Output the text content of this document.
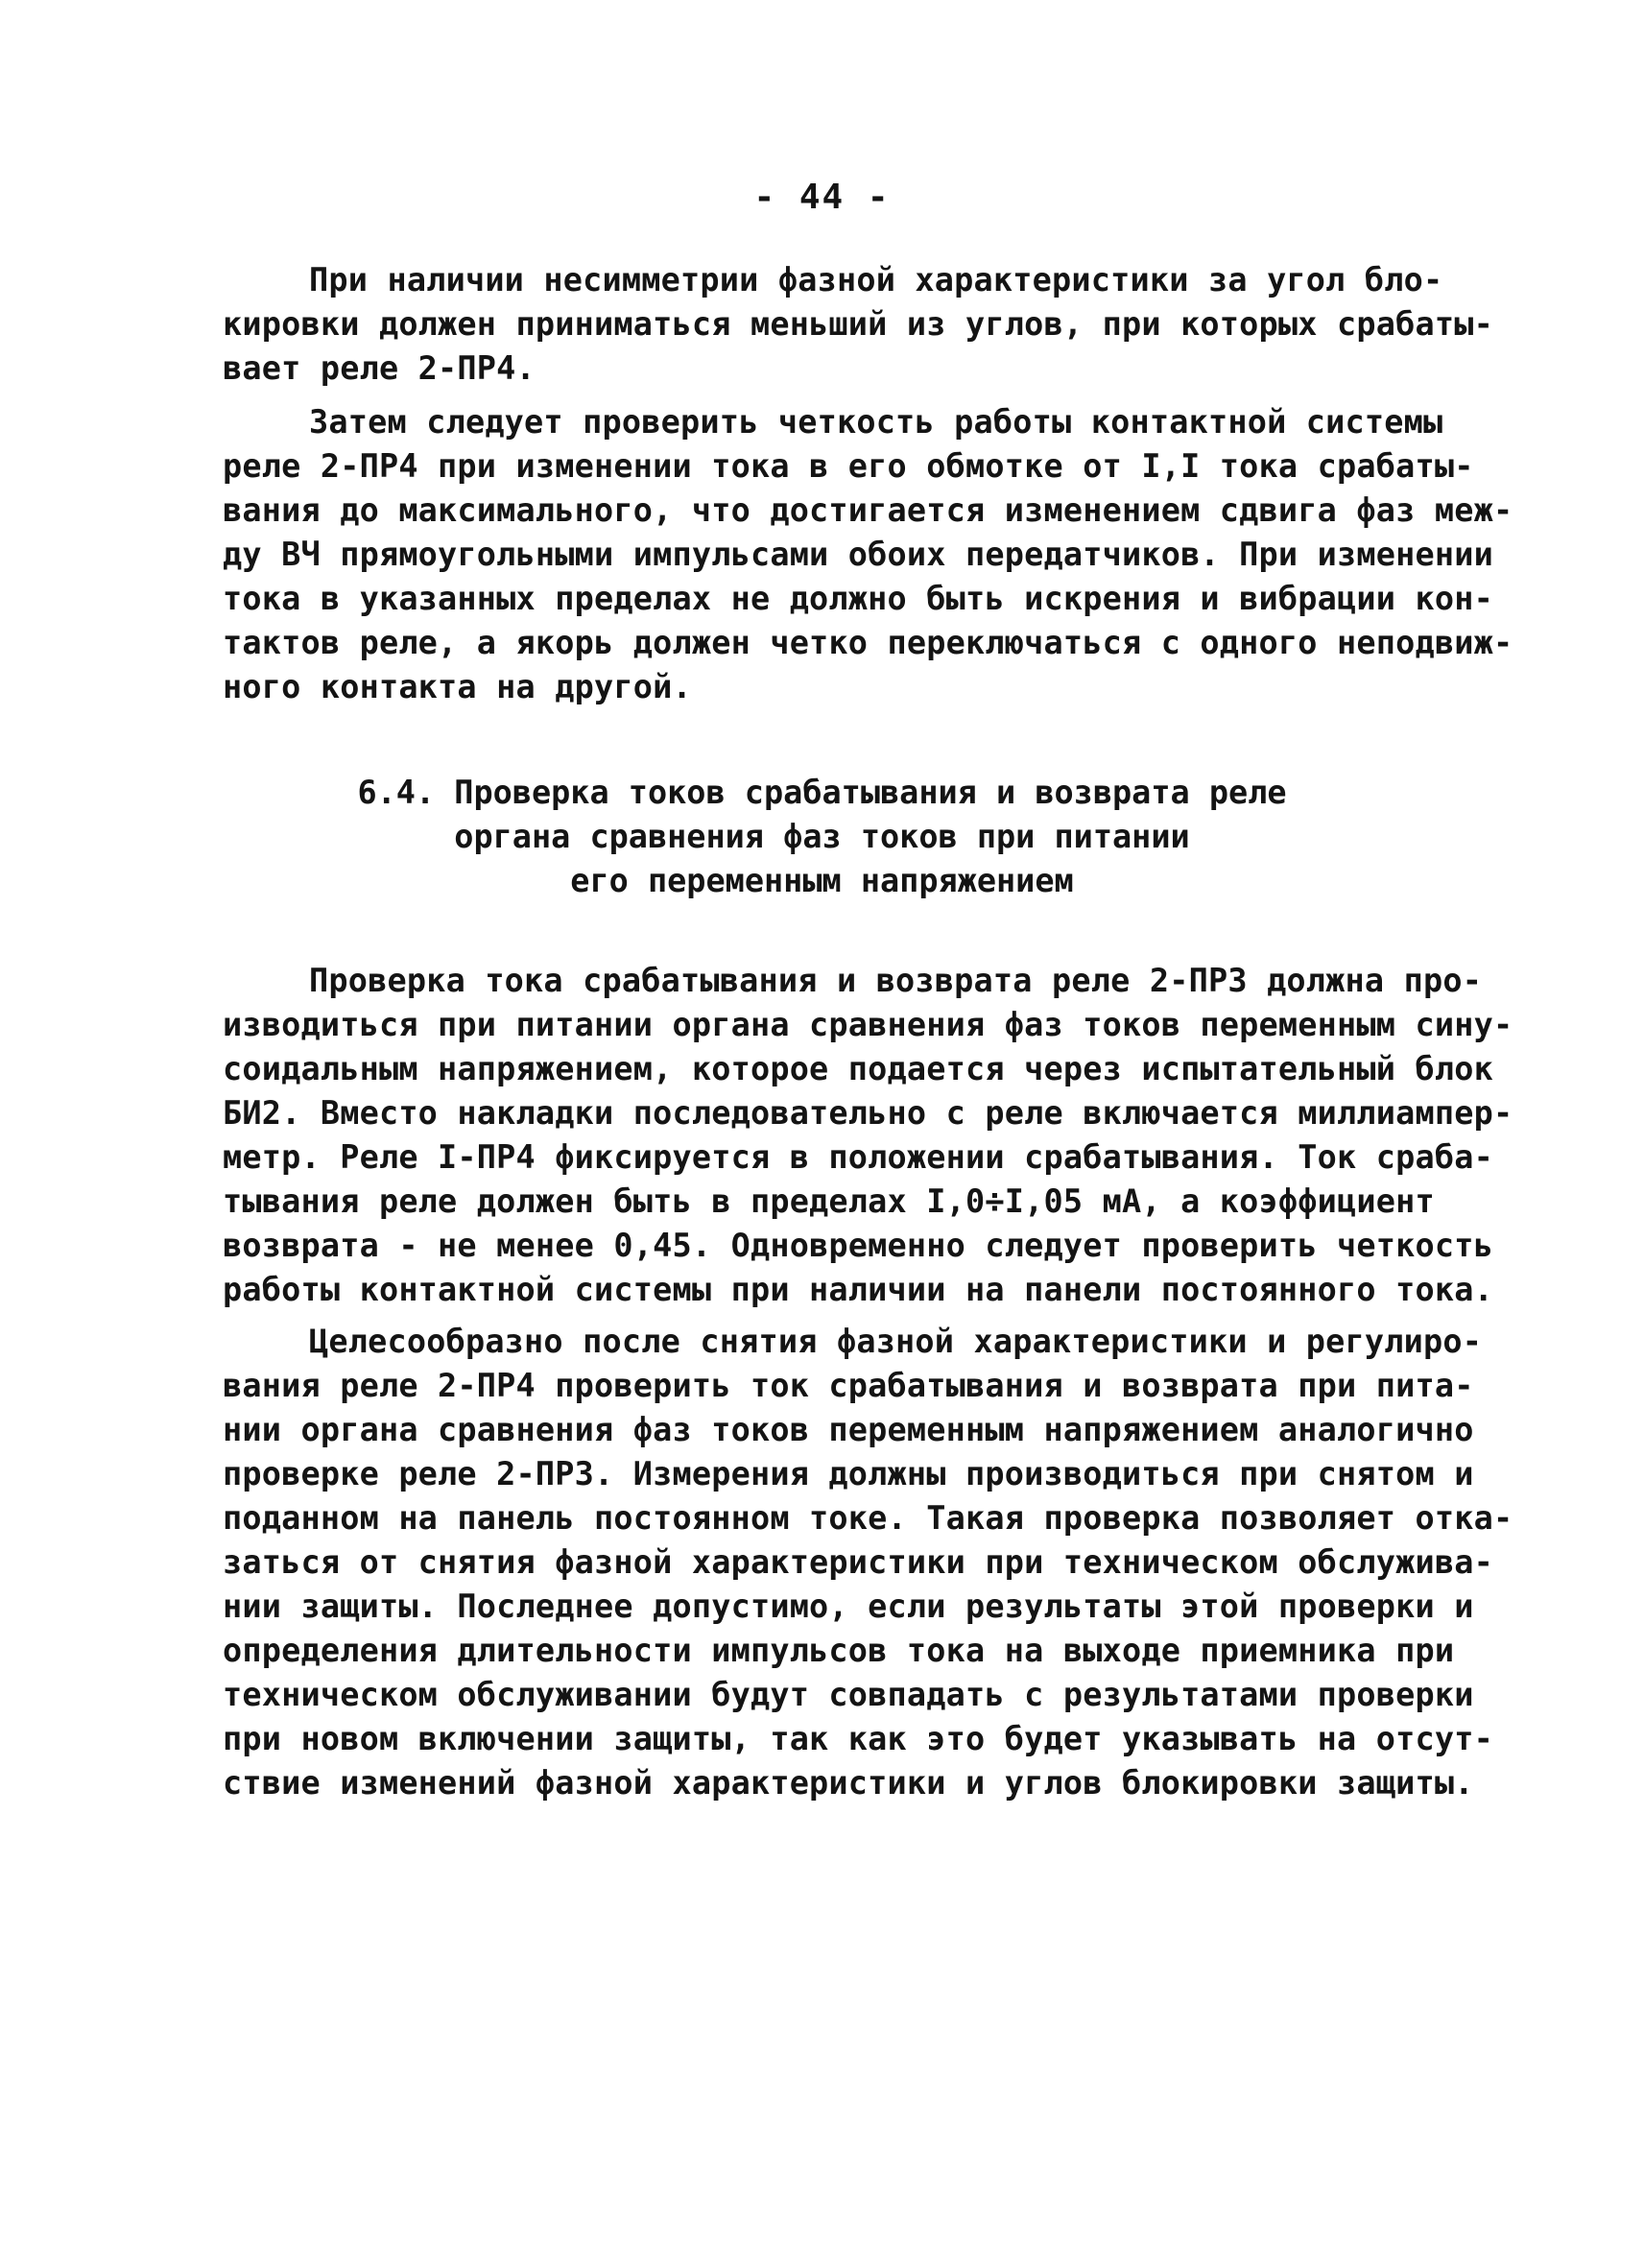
- 44 -
При наличии несимметрии фазной характеристики за угол бло-
кировки должен приниматься меньший из углов, при которых срабаты-
вает реле 2-ПР4.
Затем следует проверить четкость работы контактной системы
реле 2-ПР4 при изменении тока в его обмотке от I,I тока срабаты-
вания до максимального, что достигается изменением сдвига фаз меж-
ду ВЧ прямоугольными импульсами обоих передатчиков. При изменении
тока в указанных пределах не должно быть искрения и вибрации кон-
тактов реле, а якорь должен четко переключаться с одного неподвиж-
ного контакта на другой.
6.4. Проверка токов срабатывания и возврата реле
органа сравнения фаз токов при питании
его переменным напряжением
Проверка тока срабатывания и возврата реле 2-ПР3 должна про-
изводиться при питании органа сравнения фаз токов переменным сину-
соидальным напряжением, которое подается через испытательный блок
БИ2. Вместо накладки последовательно с реле включается миллиампер-
метр. Реле I-ПР4 фиксируется в положении срабатывания. Ток сраба-
тывания реле должен быть в пределах I,0÷I,05 мА, а коэффициент
возврата - не менее 0,45. Одновременно следует проверить четкость
работы контактной системы при наличии на панели постоянного тока.
Целесообразно после снятия фазной характеристики и регулиро-
вания реле 2-ПР4 проверить ток срабатывания и возврата при пита-
нии органа сравнения фаз токов переменным напряжением аналогично
проверке реле 2-ПР3. Измерения должны производиться при снятом и
поданном на панель постоянном токе. Такая проверка позволяет отка-
заться от снятия фазной характеристики при техническом обслужива-
нии защиты. Последнее допустимо, если результаты этой проверки и
определения длительности импульсов тока на выходе приемника при
техническом обслуживании будут совпадать с результатами проверки
при новом включении защиты, так как это будет указывать на отсут-
ствие изменений фазной характеристики и углов блокировки защиты.
